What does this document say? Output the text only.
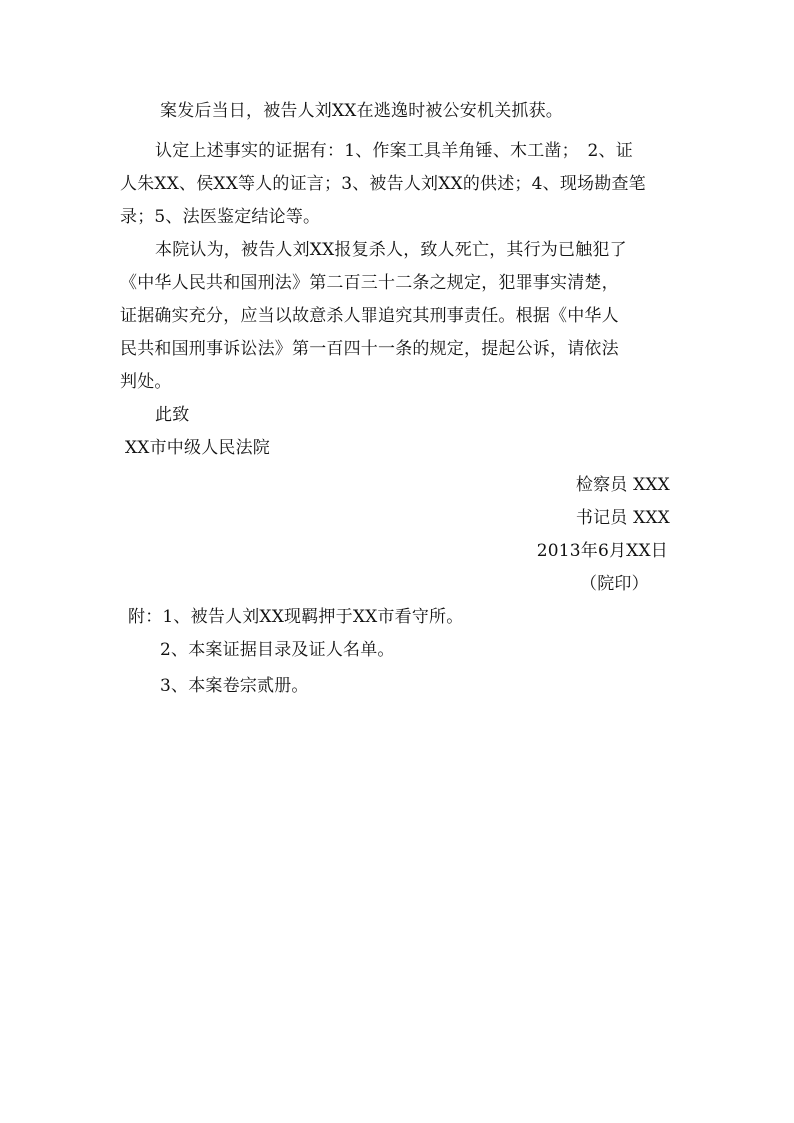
案发后当日，被告人刘XX在逃逸时被公安机关抓获。
认定上述事实的证据有：1、作案工具羊角锤、木工凿；　2、证
人朱XX、侯XX等人的证言；3、被告人刘XX的供述；4、现场勘查笔
录；5、法医鉴定结论等。
本院认为，被告人刘XX报复杀人，致人死亡，其行为已触犯了
《中华人民共和国刑法》第二百三十二条之规定，犯罪事实清楚，
证据确实充分，应当以故意杀人罪追究其刑事责任。根据《中华人
民共和国刑事诉讼法》第一百四十一条的规定，提起公诉，请依法
判处。
此致
XX市中级人民法院
检察员 XXX
书记员 XXX
2013年6月XX日
（院印）
附：1、被告人刘XX现羁押于XX市看守所。
2、本案证据目录及证人名单。
3、本案卷宗贰册。
